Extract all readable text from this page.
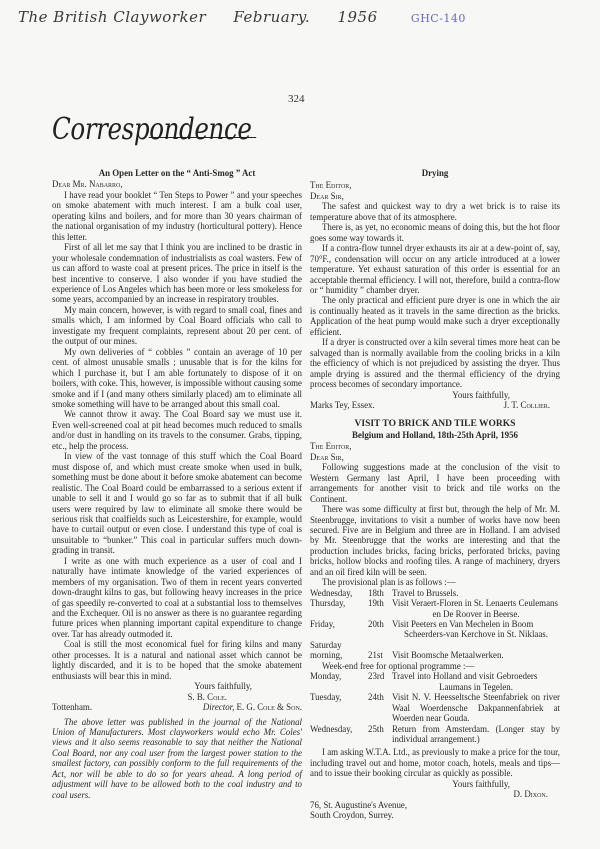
The British Clayworker February. 1956	GHC-140
324
Correspondence
An Open Letter on the “ Anti-Smog ” Act

Dear Mr. Nabarro,

I have read your booklet “ Ten Steps to Power ” and your speeches on smoke abatement with much interest. I am a bulk coal user, operating kilns and boilers, and for more than 30 years chairman of the national organisation of my industry (horticultural pottery). Hence this letter.

First of all let me say that I think you are inclined to be drastic in your wholesale condemnation of industrialists as coal wasters. Few of us can afford to waste coal at present prices. The price in itself is the best incentive to conserve. I also wonder if you have studied the experience of Los Angeles which has been more or less smokeless for some years, accompanied by an increase in respiratory troubles.

My main concern, however, is with regard to small coal, fines and smalls which, I am informed by Coal Board officials who call to investigate my frequent complaints, represent about 20 per cent. of the output of our mines.

My own deliveries of “ cobbles ” contain an average of 10 per cent. of almost unusable smalls ; unusable that is for the kilns for which I purchase it, but I am able fortunately to dispose of it on boilers, with coke. This, however, is impossible without causing some smoke and if I (and many others similarly placed) am to eliminate all smoke something will have to be arranged about this small coal.

We cannot throw it away. The Coal Board say we must use it. Even well-screened coal at pit head becomes much reduced to smalls and/or dust in handling on its travels to the consumer. Grabs, tipping, etc., help the process.

In view of the vast tonnage of this stuff which the Coal Board must dispose of, and which must create smoke when used in bulk, something must be done about it before smoke abatement can become realistic. The Coal Board could be embarrassed to a serious extent if unable to sell it and I would go so far as to submit that if all bulk users were required by law to eliminate all smoke there would be serious risk that coalfields such as Leicestershire, for example, would have to curtail output or even close. I understand this type of coal is unsuitable to “bunker.” This coal in particular suffers much down-grading in transit.

I write as one with much experience as a user of coal and I naturally have intimate knowledge of the varied experiences of members of my organisation. Two of them in recent years converted down-draught kilns to gas, but following heavy increases in the price of gas speedily re-converted to coal at a substantial loss to themselves and the Exchequer. Oil is no answer as there is no guarantee regarding future prices when planning important capital expenditure to change over. Tar has already outmoded it.

Coal is still the most economical fuel for firing kilns and many other processes. It is a natural and national asset which cannot be lightly discarded, and it is to be hoped that the smoke abatement enthusiasts will bear this in mind.

Yours faithfully,
S. B. Cole.
Tottenham.	Director, E. G. Cole & Son.

The above letter was published in the journal of the National Union of Manufacturers. Most clayworkers would echo Mr. Coles' views and it also seems reasonable to say that neither the National Coal Board, nor any coal user from the largest power station to the smallest factory, can possibly conform to the full requirements of the Act, nor will be able to do so for years ahead. A long period of adjustment will have to be allowed both to the coal industry and to coal users.

Drying

The Editor,

Dear Sir,

The safest and quickest way to dry a wet brick is to raise its temperature above that of its atmosphere.

There is, as yet, no economic means of doing this, but the hot floor goes some way towards it.

If a contra-flow tunnel dryer exhausts its air at a dew-point of, say, 70°F., condensation will occur on any article introduced at a lower temperature. Yet exhaust saturation of this order is essential for an acceptable thermal efficiency. I will not, therefore, build a contra-flow or “ humidity ” chamber dryer.

The only practical and efficient pure dryer is one in which the air is continually heated as it travels in the same direction as the bricks. Application of the heat pump would make such a dryer exceptionally efficient.

If a dryer is constructed over a kiln several times more heat can be salvaged than is normally available from the cooling bricks in a kiln the efficiency of which is not prejudiced by assisting the dryer. Thus ample drying is assured and the thermal efficiency of the drying process becomes of secondary importance.

Yours faithfully,
Marks Tey, Essex.	J. T. Collier.
VISIT TO BRICK AND TILE WORKS
Belgium and Holland, 18th-25th April, 1956

The Editor,

Dear Sir,

Following suggestions made at the conclusion of the visit to Western Germany last April, I have been proceeding with arrangements for another visit to brick and tile works on the Continent.

There was some difficulty at first but, through the help of Mr. M. Steenbrugge, invitations to visit a number of works have now been secured. Five are in Belgium and three are in Holland. I am advised by Mr. Steenbrugge that the works are interesting and that the production includes bricks, facing bricks, perforated bricks, paving bricks, hollow blocks and roofing tiles. A range of machinery, dryers and an oil fired kiln will be seen.

The provisional plan is as follows :—

Wednesday,	18th	Travel to Brussels.
Thursday,	19th	Visit Veraert-Floren in St. Lenaerts Ceulemans
en De Roover in Beerse.

Friday,	20th	Visit Peeters en Van Mechelen in Boom
Scheerders-van Kerchove in St. Niklaas.

Saturday morning,	21st	Visit Boomsche Metaalwerken.

Week-end free for optional programme :—

Monday,	23rd	Travel into Holland and visit Gebroeders
Laumans in Tegelen.

Tuesday,	24th	Visit N. V. Heesseltsche Steenfabriek on river Waal Woerdensche Dakpannenfabriek at Woerden near Gouda.
Wednesday,	25th	Return from Amsterdam. (Longer stay by individual arrangement.)

I am asking W.T.A. Ltd., as previously to make a price for the tour, including travel out and home, motor coach, hotels, meals and tips—and to issue their booking circular as quickly as possible.

Yours faithfully,
D. Dixon.
76, St. Augustine's Avenue,
South Croydon, Surrey.
